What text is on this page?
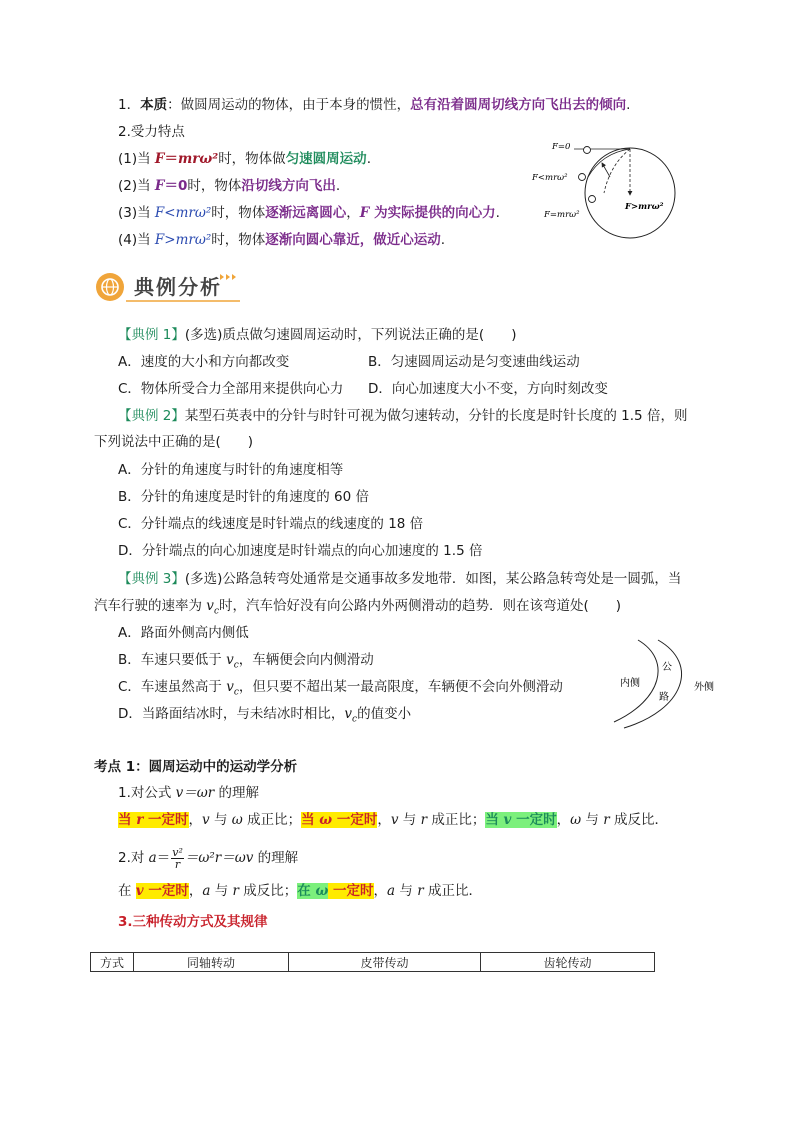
1．本质：做圆周运动的物体，由于本身的惯性，总有沿着圆周切线方向飞出去的倾向.
2.受力特点
(1)当 F＝mrω²时，物体做匀速圆周运动.
(2)当 F＝0时，物体沿切线方向飞出.
(3)当 F<mrω²时，物体逐渐远离圆心，F 为实际提供的向心力.
(4)当 F>mrω²时，物体逐渐向圆心靠近，做近心运动.
F=0
F<mrω²
F=mrω²
F>mrω²
典例分析
【典例 1】(多选)质点做匀速圆周运动时，下列说法正确的是(　　)
A．速度的大小和方向都改变	B．匀速圆周运动是匀变速曲线运动
C．物体所受合力全部用来提供向心力 D．向心加速度大小不变，方向时刻改变
【典例 2】某型石英表中的分针与时针可视为做匀速转动，分针的长度是时针长度的 1.5 倍，则
下列说法中正确的是(　　)
A．分针的角速度与时针的角速度相等
B．分针的角速度是时针的角速度的 60 倍
C．分针端点的线速度是时针端点的线速度的 18 倍
D．分针端点的向心加速度是时针端点的向心加速度的 1.5 倍
【典例 3】(多选)公路急转弯处通常是交通事故多发地带．如图，某公路急转弯处是一圆弧，当
汽车行驶的速率为 $v_c$时，汽车恰好没有向公路内外两侧滑动的趋势．则在该弯道处(　　)
A．路面外侧高内侧低
B．车速只要低于 $v_c$，车辆便会向内侧滑动
C．车速虽然高于 $v_c$，但只要不超出某一最高限度，车辆便不会向外侧滑动
D．当路面结冰时，与未结冰时相比，$v_c$的值变小
内侧
公
路
外侧
考点 1：圆周运动中的运动学分析
1.对公式 v＝ωr 的理解
当 r 一定时，v 与 ω 成正比；当 ω 一定时，v 与 r 成正比；当 v 一定时，ω 与 r 成反比．
2.对 $a= \frac{\text{v²}}{r} =\omega^2r=\omega v$ 的理解
在 v 一定时，a 与 r 成反比；在 ω 一定时，a 与 r 成正比．
3.三种传动方式及其规律
方式	同轴转动	皮带传动	齿轮传动
